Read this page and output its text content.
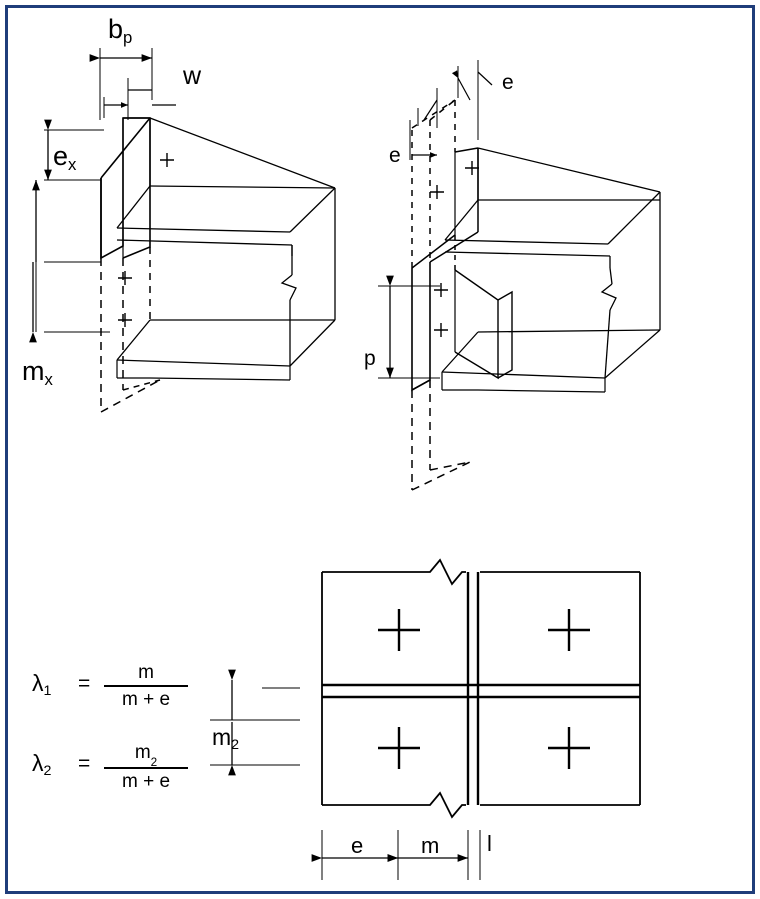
$b_p$
w
$e_x$
$m_x$
e
e
p
e	m l
$m_2$
$\lambda_1 = \frac{m}{m + e}$
$\lambda_2 = \frac{m_2}{m + e}$
